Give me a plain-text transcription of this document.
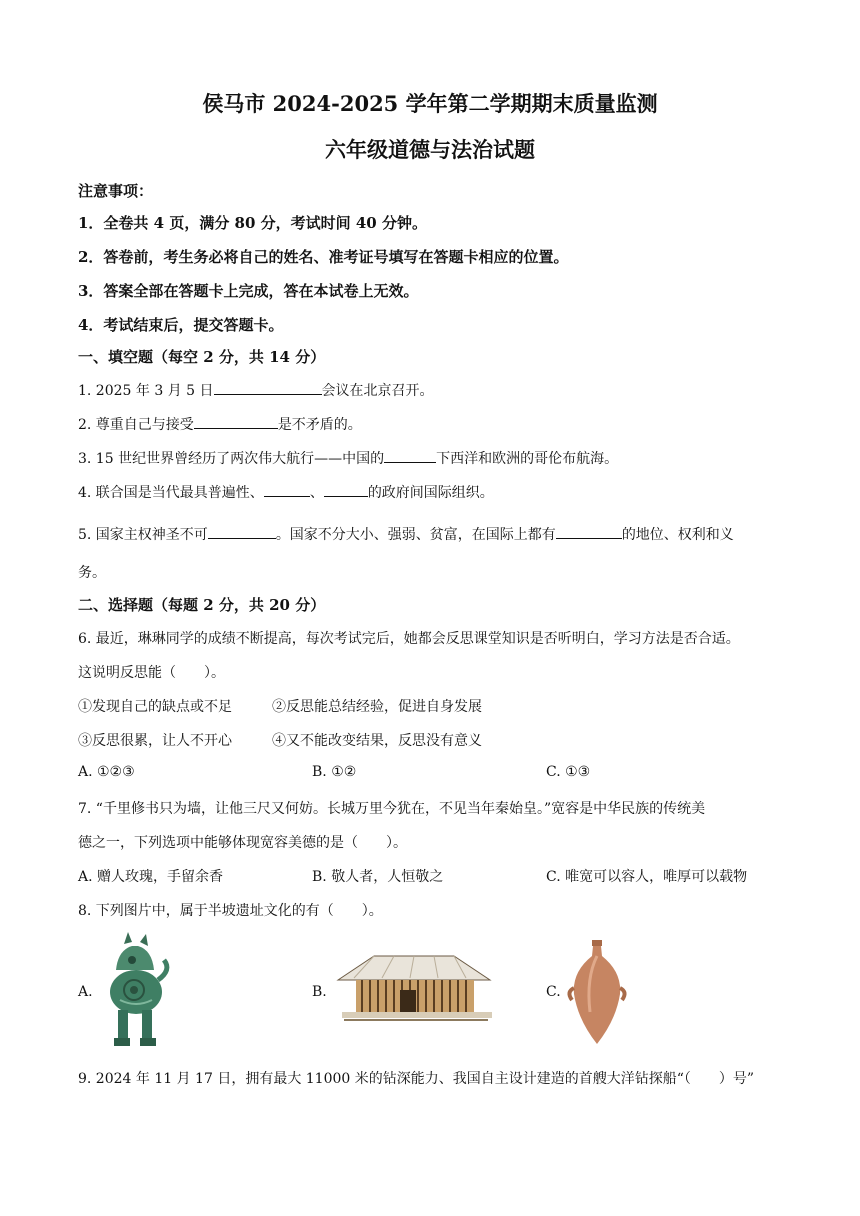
侯马市 2024-2025 学年第二学期期末质量监测
六年级道德与法治试题
注意事项：
1．全卷共 4 页，满分 80 分，考试时间 40 分钟。
2．答卷前，考生务必将自己的姓名、准考证号填写在答题卡相应的位置。
3．答案全部在答题卡上完成，答在本试卷上无效。
4．考试结束后，提交答题卡。
一、填空题（每空 2 分，共 14 分）
1. 2025 年 3 月 5 日	会议在北京召开。
2. 尊重自己与接受	是不矛盾的。
3. 15 世纪世界曾经历了两次伟大航行——中国的	下西洋和欧洲的哥伦布航海。
4. 联合国是当代最具普遍性、	、	的政府间国际组织。
5. 国家主权神圣不可	。国家不分大小、强弱、贫富，在国际上都有	的地位、权利和义
务。
二、选择题（每题 2 分，共 20 分）
6. 最近，琳琳同学的成绩不断提高，每次考试完后，她都会反思课堂知识是否听明白，学习方法是否合适。
这说明反思能（　　）。
①发现自己的缺点或不足	②反思能总结经验，促进自身发展
③反思很累，让人不开心	④又不能改变结果，反思没有意义
A. ①②③	B. ①②	C. ①③
7. “千里修书只为墙，让他三尺又何妨。长城万里今犹在，不见当年秦始皇。”宽容是中华民族的传统美
德之一，下列选项中能够体现宽容美德的是（　　）。
A. 赠人玫瑰，手留余香	B. 敬人者，人恒敬之	C. 唯宽可以容人，唯厚可以载物
8. 下列图片中，属于半坡遗址文化的有（　　）。
A.	B.	C.
9. 2024 年 11 月 17 日，拥有最大 11000 米的钻深能力、我国自主设计建造的首艘大洋钻探船“（　　）号”
